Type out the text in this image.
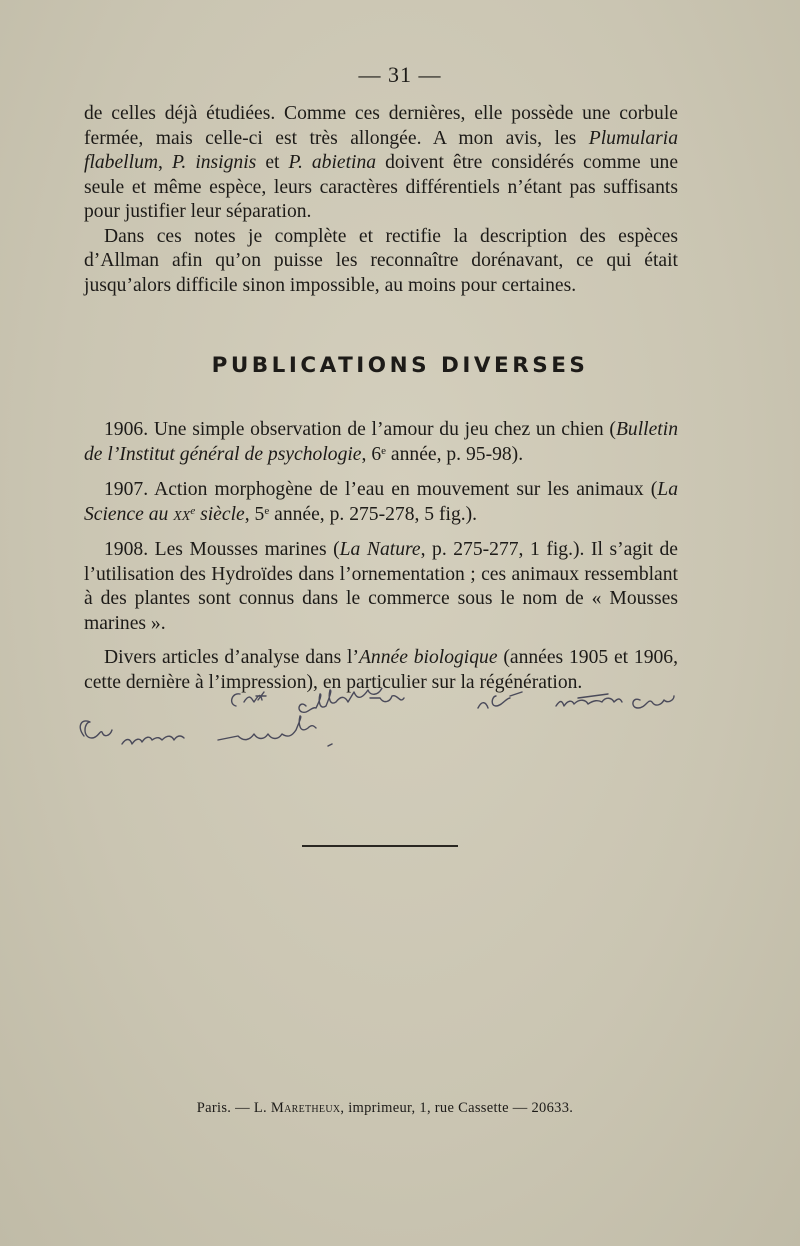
— 31 —

de celles déjà étudiées. Comme ces dernières, elle possède une corbule fermée, mais celle-ci est très allongée. A mon avis, les Plumularia flabellum, P. insignis et P. abietina doivent être considérés comme une seule et même espèce, leurs caractères différentiels n’étant pas suffisants pour justifier leur séparation.

Dans ces notes je complète et rectifie la description des espèces d’Allman afin qu’on puisse les reconnaître dorénavant, ce qui était jusqu’alors difficile sinon impossible, au moins pour certaines.

PUBLICATIONS DIVERSES

1906. Une simple observation de l’amour du jeu chez un chien (Bulletin de l’Institut général de psychologie, 6e année, p. 95-98).

1907. Action morphogène de l’eau en mouvement sur les animaux (La Science au $xx^e$ siècle, 5e année, p. 275-278, 5 fig.).

1908. Les Mousses marines (La Nature, p. 275-277, 1 fig.). Il s’agit de l’utilisation des Hydroïdes dans l’ornementation ; ces animaux ressemblant à des plantes sont connus dans le commerce sous le nom de « Mousses marines ».

Divers articles d’analyse dans l’Année biologique (années 1905 et 1906, cette dernière à l’impression), en particulier sur la régénération.

Paris. — L. Maretheux, imprimeur, 1, rue Cassette — 20633.
